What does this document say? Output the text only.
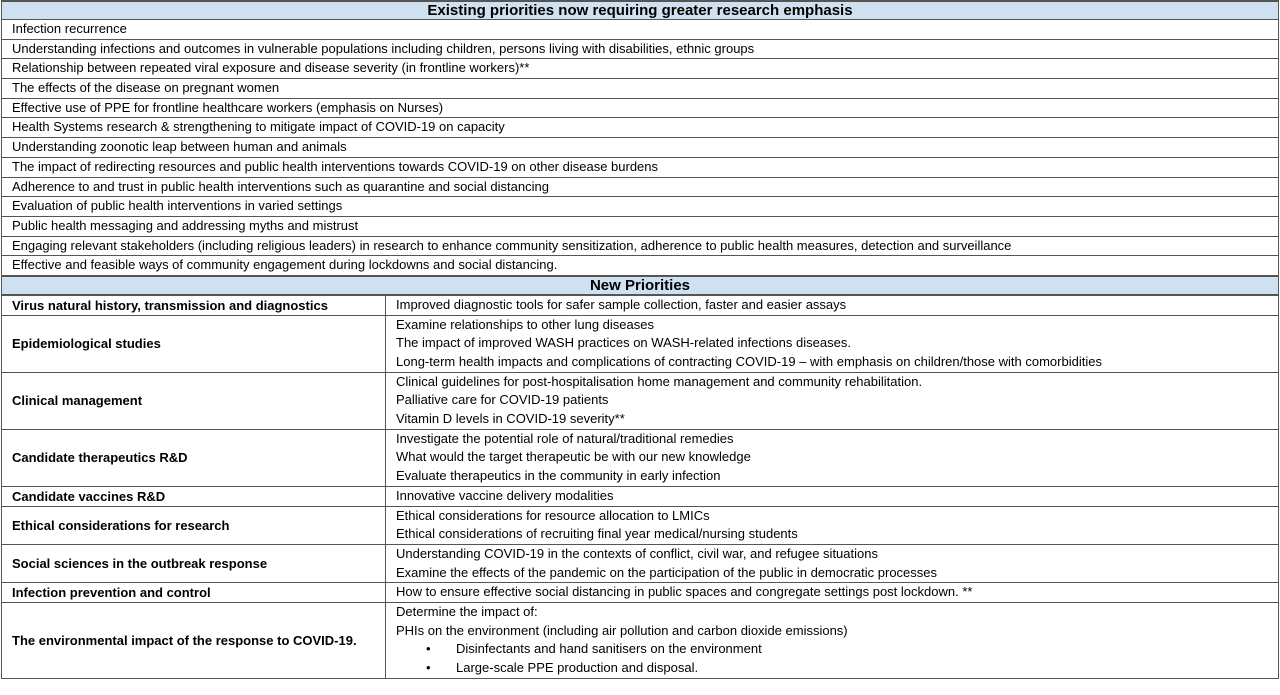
Existing priorities now requiring greater research emphasis
Infection recurrence
Understanding infections and outcomes in vulnerable populations including children, persons living with disabilities, ethnic groups
Relationship between repeated viral exposure and disease severity (in frontline workers)**
The effects of the disease on pregnant women
Effective use of PPE for frontline healthcare workers (emphasis on Nurses)
Health Systems research & strengthening to mitigate impact of COVID-19 on capacity
Understanding zoonotic leap between human and animals
The impact of redirecting resources and public health interventions towards COVID-19 on other disease burdens
Adherence to and trust in public health interventions such as quarantine and social distancing
Evaluation of public health interventions in varied settings
Public health messaging and addressing myths and mistrust
Engaging relevant stakeholders (including religious leaders) in research to enhance community sensitization, adherence to public health measures, detection and surveillance
Effective and feasible ways of community engagement during lockdowns and social distancing.
New Priorities
Virus natural history, transmission and diagnostics	Improved diagnostic tools for safer sample collection, faster and easier assays

Epidemiological studies	Examine relationships to other lung diseases
The impact of improved WASH practices on WASH-related infections diseases.
Long-term health impacts and complications of contracting COVID-19 – with emphasis on children/those with comorbidities

Clinical management	Clinical guidelines for post-hospitalisation home management and community rehabilitation.
Palliative care for COVID-19 patients
Vitamin D levels in COVID-19 severity**

Candidate therapeutics R&D	Investigate the potential role of natural/traditional remedies
What would the target therapeutic be with our new knowledge
Evaluate therapeutics in the community in early infection

Candidate vaccines R&D	Innovative vaccine delivery modalities

Ethical considerations for research	Ethical considerations for resource allocation to LMICs
Ethical considerations of recruiting final year medical/nursing students

Social sciences in the outbreak response	Understanding COVID-19 in the contexts of conflict, civil war, and refugee situations
Examine the effects of the pandemic on the participation of the public in democratic processes

Infection prevention and control	How to ensure effective social distancing in public spaces and congregate settings post lockdown. **

The environmental impact of the response to COVID-19.	Determine the impact of:
PHIs on the environment (including air pollution and carbon dioxide emissions)
• Disinfectants and hand sanitisers on the environment
• Large-scale PPE production and disposal.
